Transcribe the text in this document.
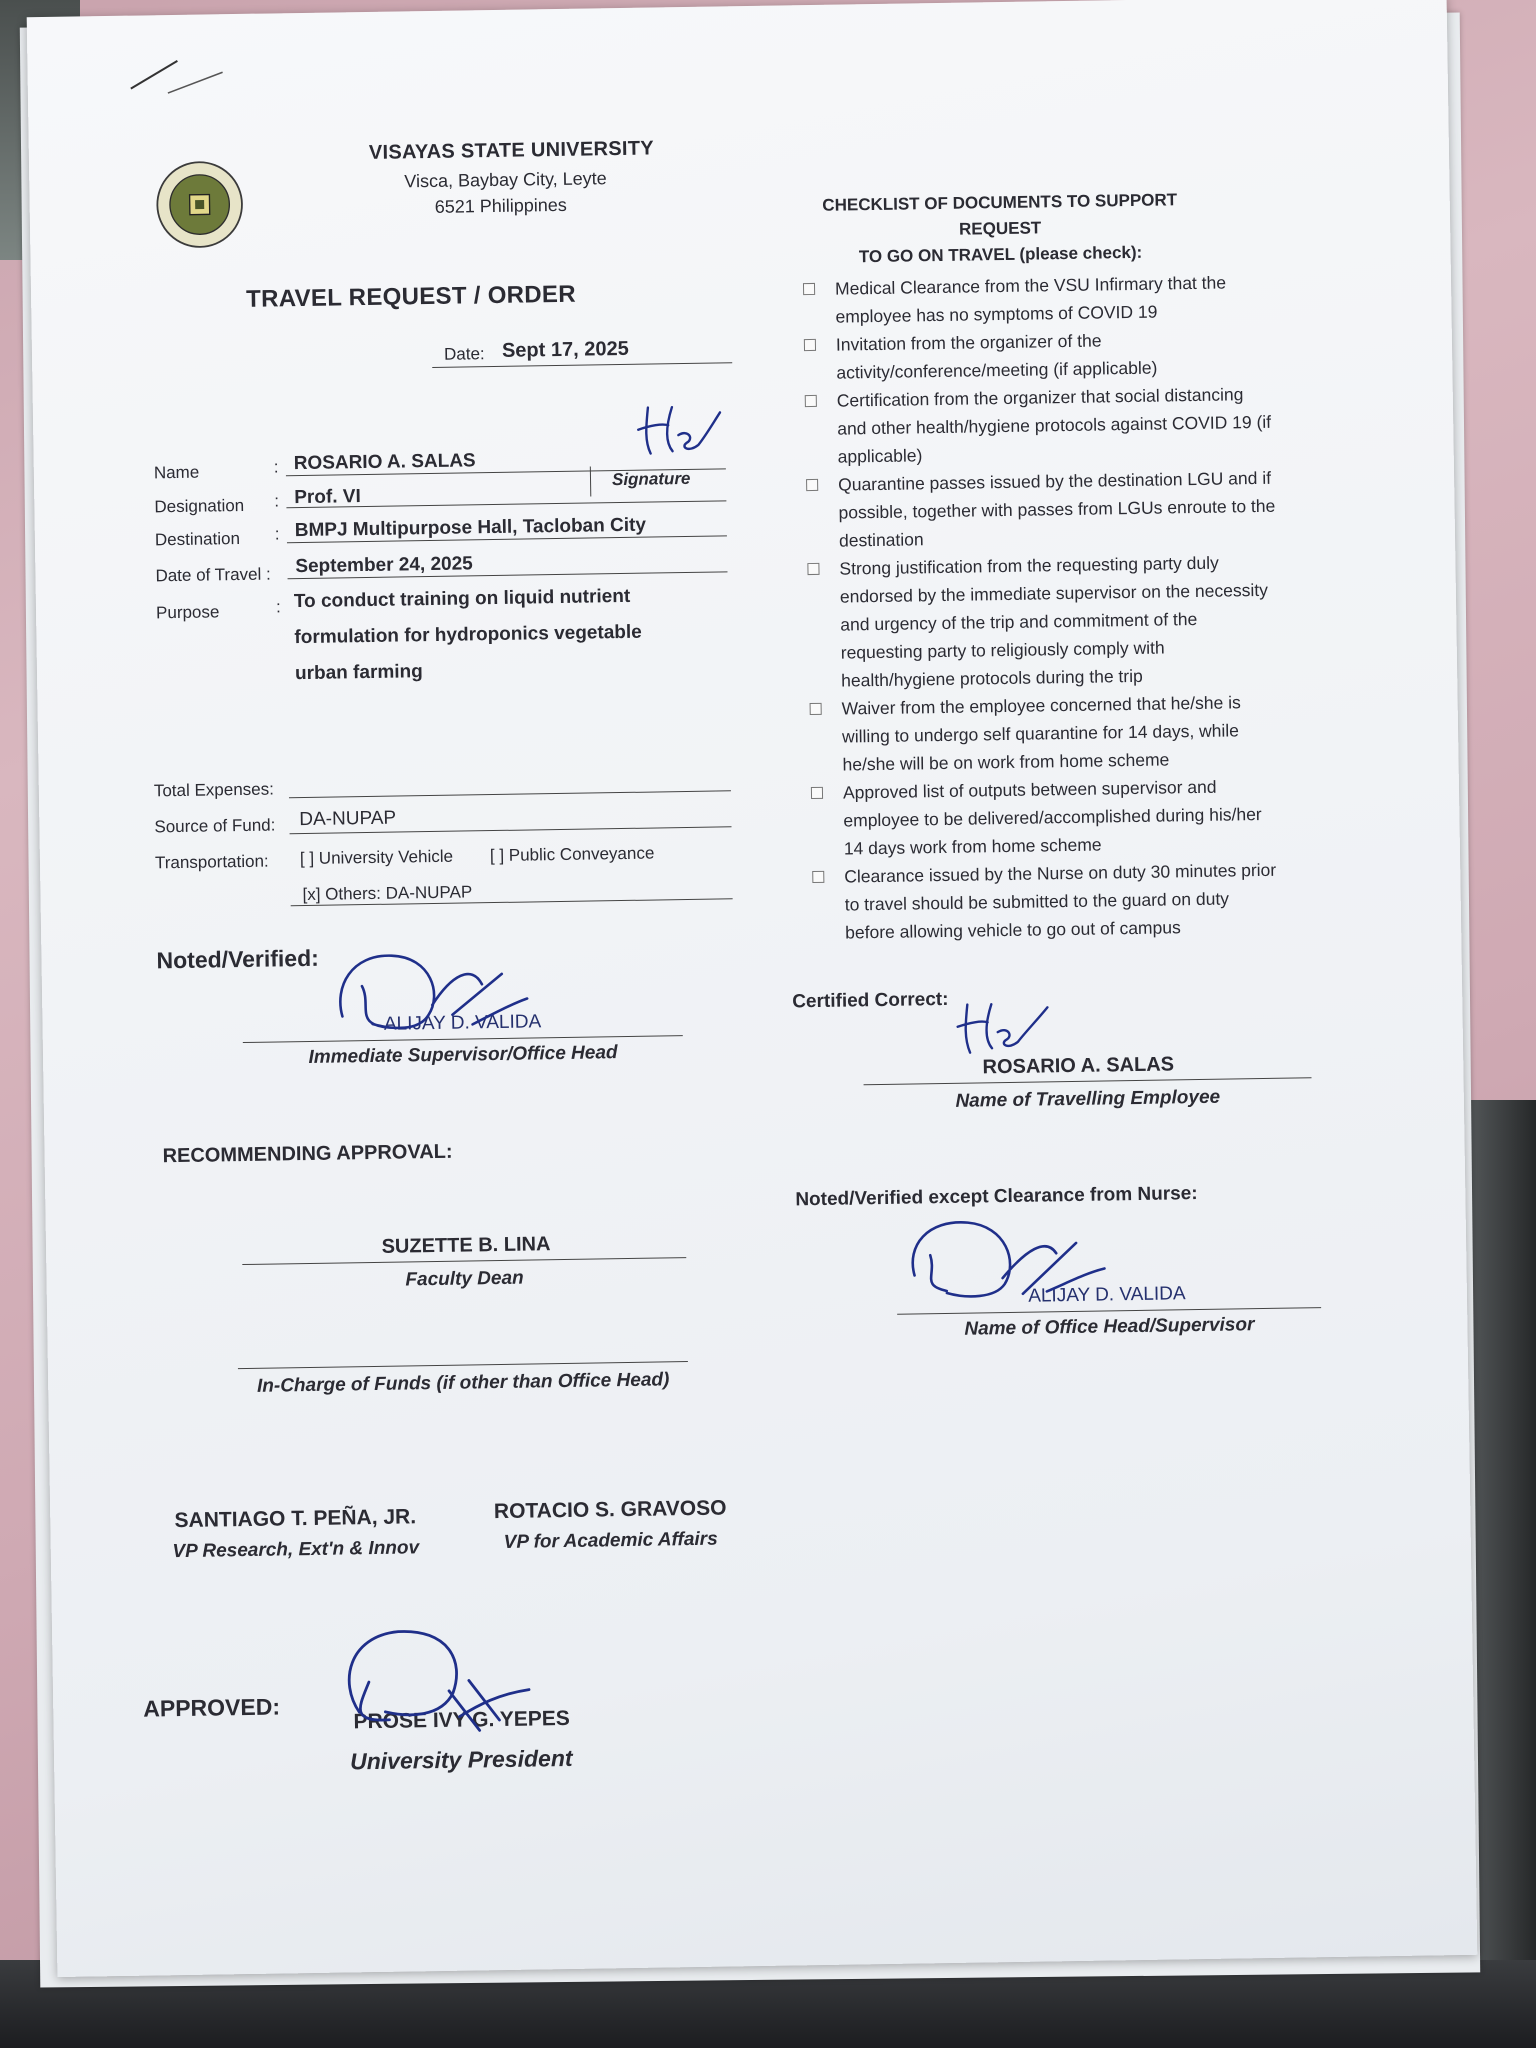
VISAYAS STATE UNIVERSITY
Visca, Baybay City, Leyte
6521 Philippines
TRAVEL REQUEST / ORDER
Date: Sept 17, 2025
Name	: ROSARIO A. SALAS
Signature
Designation : Prof. VI
Destination : BMPJ Multipurpose Hall, Tacloban City
Date of Travel : September 24, 2025
Purpose	: To conduct training on liquid nutrient
formulation for hydroponics vegetable
urban farming
Total Expenses:
Source of Fund: DA-NUPAP
Transportation: [ ] University Vehicle [ ] Public Conveyance
[x] Others: DA-NUPAP
Noted/Verified:
ALIJAY D. VALIDA
Immediate Supervisor/Office Head
RECOMMENDING APPROVAL:
SUZETTE B. LINA
Faculty Dean
In-Charge of Funds (if other than Office Head)
SANTIAGO T. PEÑA, JR.
VP Research, Ext'n & Innov
ROTACIO S. GRAVOSO
VP for Academic Affairs
APPROVED:	PROSE IVY G. YEPES
University President
CHECKLIST OF DOCUMENTS TO SUPPORT REQUEST
TO GO ON TRAVEL (please check):
Medical Clearance from the VSU Infirmary that the employee has no symptoms of COVID 19
Invitation from the organizer of the activity/conference/meeting (if applicable)
Certification from the organizer that social distancing and other health/hygiene protocols against COVID 19 (if applicable)
Quarantine passes issued by the destination LGU and if possible, together with passes from LGUs enroute to the destination
Strong justification from the requesting party duly endorsed by the immediate supervisor on the necessity and urgency of the trip and commitment of the requesting party to religiously comply with health/hygiene protocols during the trip
Waiver from the employee concerned that he/she is willing to undergo self quarantine for 14 days, while he/she will be on work from home scheme
Approved list of outputs between supervisor and employee to be delivered/accomplished during his/her 14 days work from home scheme
Clearance issued by the Nurse on duty 30 minutes prior to travel should be submitted to the guard on duty before allowing vehicle to go out of campus
Certified Correct:
ROSARIO A. SALAS
Name of Travelling Employee
Noted/Verified except Clearance from Nurse:
ALIJAY D. VALIDA
Name of Office Head/Supervisor
